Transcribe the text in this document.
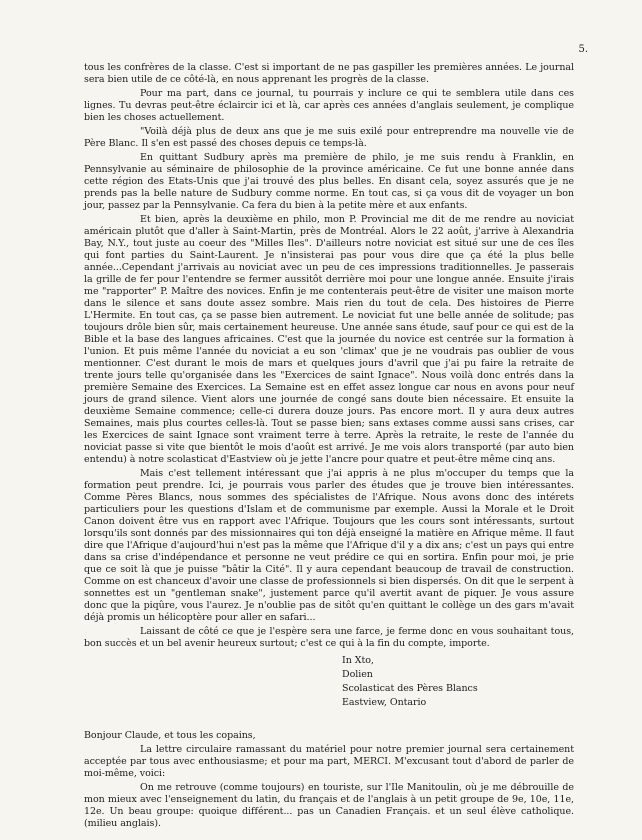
5.

tous les confrères de la classe. C'est si important de ne pas gaspiller les premières années. Le journal sera bien utile de ce côté-là, en nous apprenant les progrès de la classe.

Pour ma part, dans ce journal, tu pourrais y inclure ce qui te semblera utile dans ces lignes. Tu devras peut-être éclaircir ici et là, car après ces années d'anglais seulement, je complique bien les choses actuellement.

"Voilà déjà plus de deux ans que je me suis exilé pour entreprendre ma nouvelle vie de Père Blanc. Il s'en est passé des choses depuis ce temps-là.

En quittant Sudbury après ma première de philo, je me suis rendu à Franklin, en Pennsylvanie au séminaire de philosophie de la province américaine. Ce fut une bonne année dans cette région des Etats-Unis que j'ai trouvé des plus belles. En disant cela, soyez assurés que je ne prends pas la belle nature de Sudbury comme norme. En tout cas, si ça vous dit de voyager un bon jour, passez par la Pennsylvanie. Ca fera du bien à la petite mère et aux enfants.

Et bien, après la deuxième en philo, mon P. Provincial me dit de me rendre au noviciat américain plutôt que d'aller à Saint-Martin, près de Montréal. Alors le 22 août, j'arrive à Alexandria Bay, N.Y., tout juste au coeur des "Milles Iles". D'ailleurs notre noviciat est situé sur une de ces îles qui font parties du Saint-Laurent. Je n'insisterai pas pour vous dire que ça été la plus belle année...Cependant j'arrivais au noviciat avec un peu de ces impressions traditionnelles. Je passerais la grille de fer pour l'entendre se fermer aussitôt derrière moi pour une longue année. Ensuite j'irais me "rapporter" P. Maître des novices. Enfin je me contenterais peut-être de visiter une maison morte dans le silence et sans doute assez sombre. Mais rien du tout de cela. Des histoires de Pierre L'Hermite. En tout cas, ça se passe bien autrement. Le noviciat fut une belle année de solitude; pas toujours drôle bien sûr, mais certainement heureuse. Une année sans étude, sauf pour ce qui est de la Bible et la base des langues africaines. C'est que la journée du novice est centrée sur la formation à l'union. Et puis même l'année du noviciat a eu son 'climax' que je ne voudrais pas oublier de vous mentionner. C'est durant le mois de mars et quelques jours d'avril que j'ai pu faire la retraite de trente jours telle qu'organisée dans les "Exercices de saint Ignace". Nous voilà donc entrés dans la première Semaine des Exercices. La Semaine est en effet assez longue car nous en avons pour neuf jours de grand silence. Vient alors une journée de congé sans doute bien nécessaire. Et ensuite la deuxième Semaine commence; celle-ci durera douze jours. Pas encore mort. Il y aura deux autres Semaines, mais plus courtes celles-là. Tout se passe bien; sans extases comme aussi sans crises, car les Exercices de saint Ignace sont vraiment terre à terre. Après la retraite, le reste de l'année du noviciat passe si vite que bientôt le mois d'août est arrivé. Je me vois alors transporté (par auto bien entendu) à notre scolasticat d'Eastview où je jette l'ancre pour quatre et peut-être même cinq ans.

Mais c'est tellement intéressant que j'ai appris à ne plus m'occuper du temps que la formation peut prendre. Ici, je pourrais vous parler des études que je trouve bien intéressantes. Comme Pères Blancs, nous sommes des spécialistes de l'Afrique. Nous avons donc des intérets particuliers pour les questions d'Islam et de communisme par exemple. Aussi la Morale et le Droit Canon doivent être vus en rapport avec l'Afrique. Toujours que les cours sont intéressants, surtout lorsqu'ils sont donnés par des missionnaires qui ton déjà enseigné la matière en Afrique même. Il faut dire que l'Afrique d'aujourd'hui n'est pas la même que l'Afrique d'il y a dix ans; c'est un pays qui entre dans sa crise d'indépendance et personne ne veut prédire ce qui en sortira. Enfin pour moi, je prie que ce soit là que je puisse "bâtir la Cité". Il y aura cependant beaucoup de travail de construction. Comme on est chanceux d'avoir une classe de professionnels si bien dispersés. On dit que le serpent à sonnettes est un "gentleman snake", justement parce qu'il avertit avant de piquer. Je vous assure donc que la piqûre, vous l'aurez. Je n'oublie pas de sitôt qu'en quittant le collège un des gars m'avait déjà promis un hélicoptère pour aller en safari...

Laissant de côté ce que je l'espère sera une farce, je ferme donc en vous souhaitant tous, bon succès et un bel avenir heureux surtout; c'est ce qui à la fin du compte, importe.

In Xto,
Dolien
Scolasticat des Pères Blancs
Eastview, Ontario
Bonjour Claude, et tous les copains,

La lettre circulaire ramassant du matériel pour notre premier journal sera certainement acceptée par tous avec enthousiasme; et pour ma part, MERCI. M'excusant tout d'abord de parler de moi-même, voici:

On me retrouve (comme toujours) en touriste, sur l'Ile Manitoulin, où je me débrouille de mon mieux avec l'enseignement du latin, du français et de l'anglais à un petit groupe de 9e, 10e, 11e, 12e. Un beau groupe: quoique différent... pas un Canadien Français. et un seul élève catholique. (milieu anglais).
